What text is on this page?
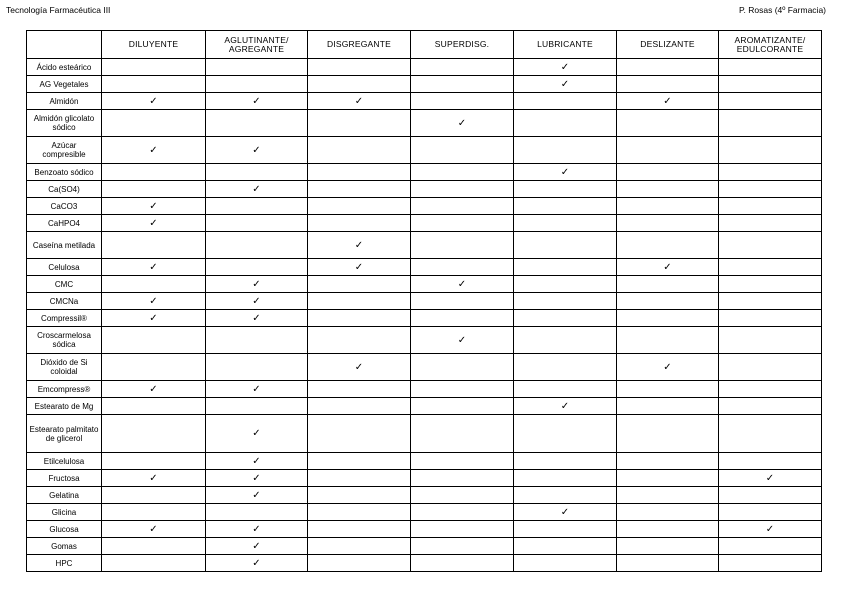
Tecnología Farmacéutica III	P. Rosas (4º Farmacia)
	DILUYENTE	AGLUTINANTE/ AGREGANTE	DISGREGANTE	SUPERDISG.	LUBRICANTE	DESLIZANTE	AROMATIZANTE/ EDULCORANTE
Ácido esteárico					✓		
AG Vegetales					✓		
Almidón	✓	✓	✓			✓	
Almidón glicolato sódico				✓			
Azúcar compresible	✓	✓					
Benzoato sódico					✓		
Ca(SO4)		✓					
CaCO3	✓						
CaHPO4	✓						
Caseína metilada			✓				
Celulosa	✓		✓			✓	
CMC		✓		✓			
CMCNa	✓	✓					
Compressil®	✓	✓					
Croscarmelosa sódica				✓			
Dióxido de Si coloidal			✓			✓	
Emcompress®	✓	✓					
Estearato de Mg					✓		
Estearato palmitato de glicerol		✓					
Etilcelulosa		✓					
Fructosa	✓	✓					✓
Gelatina		✓					
Glicina					✓		
Glucosa	✓	✓					✓
Gomas		✓					
HPC		✓					
